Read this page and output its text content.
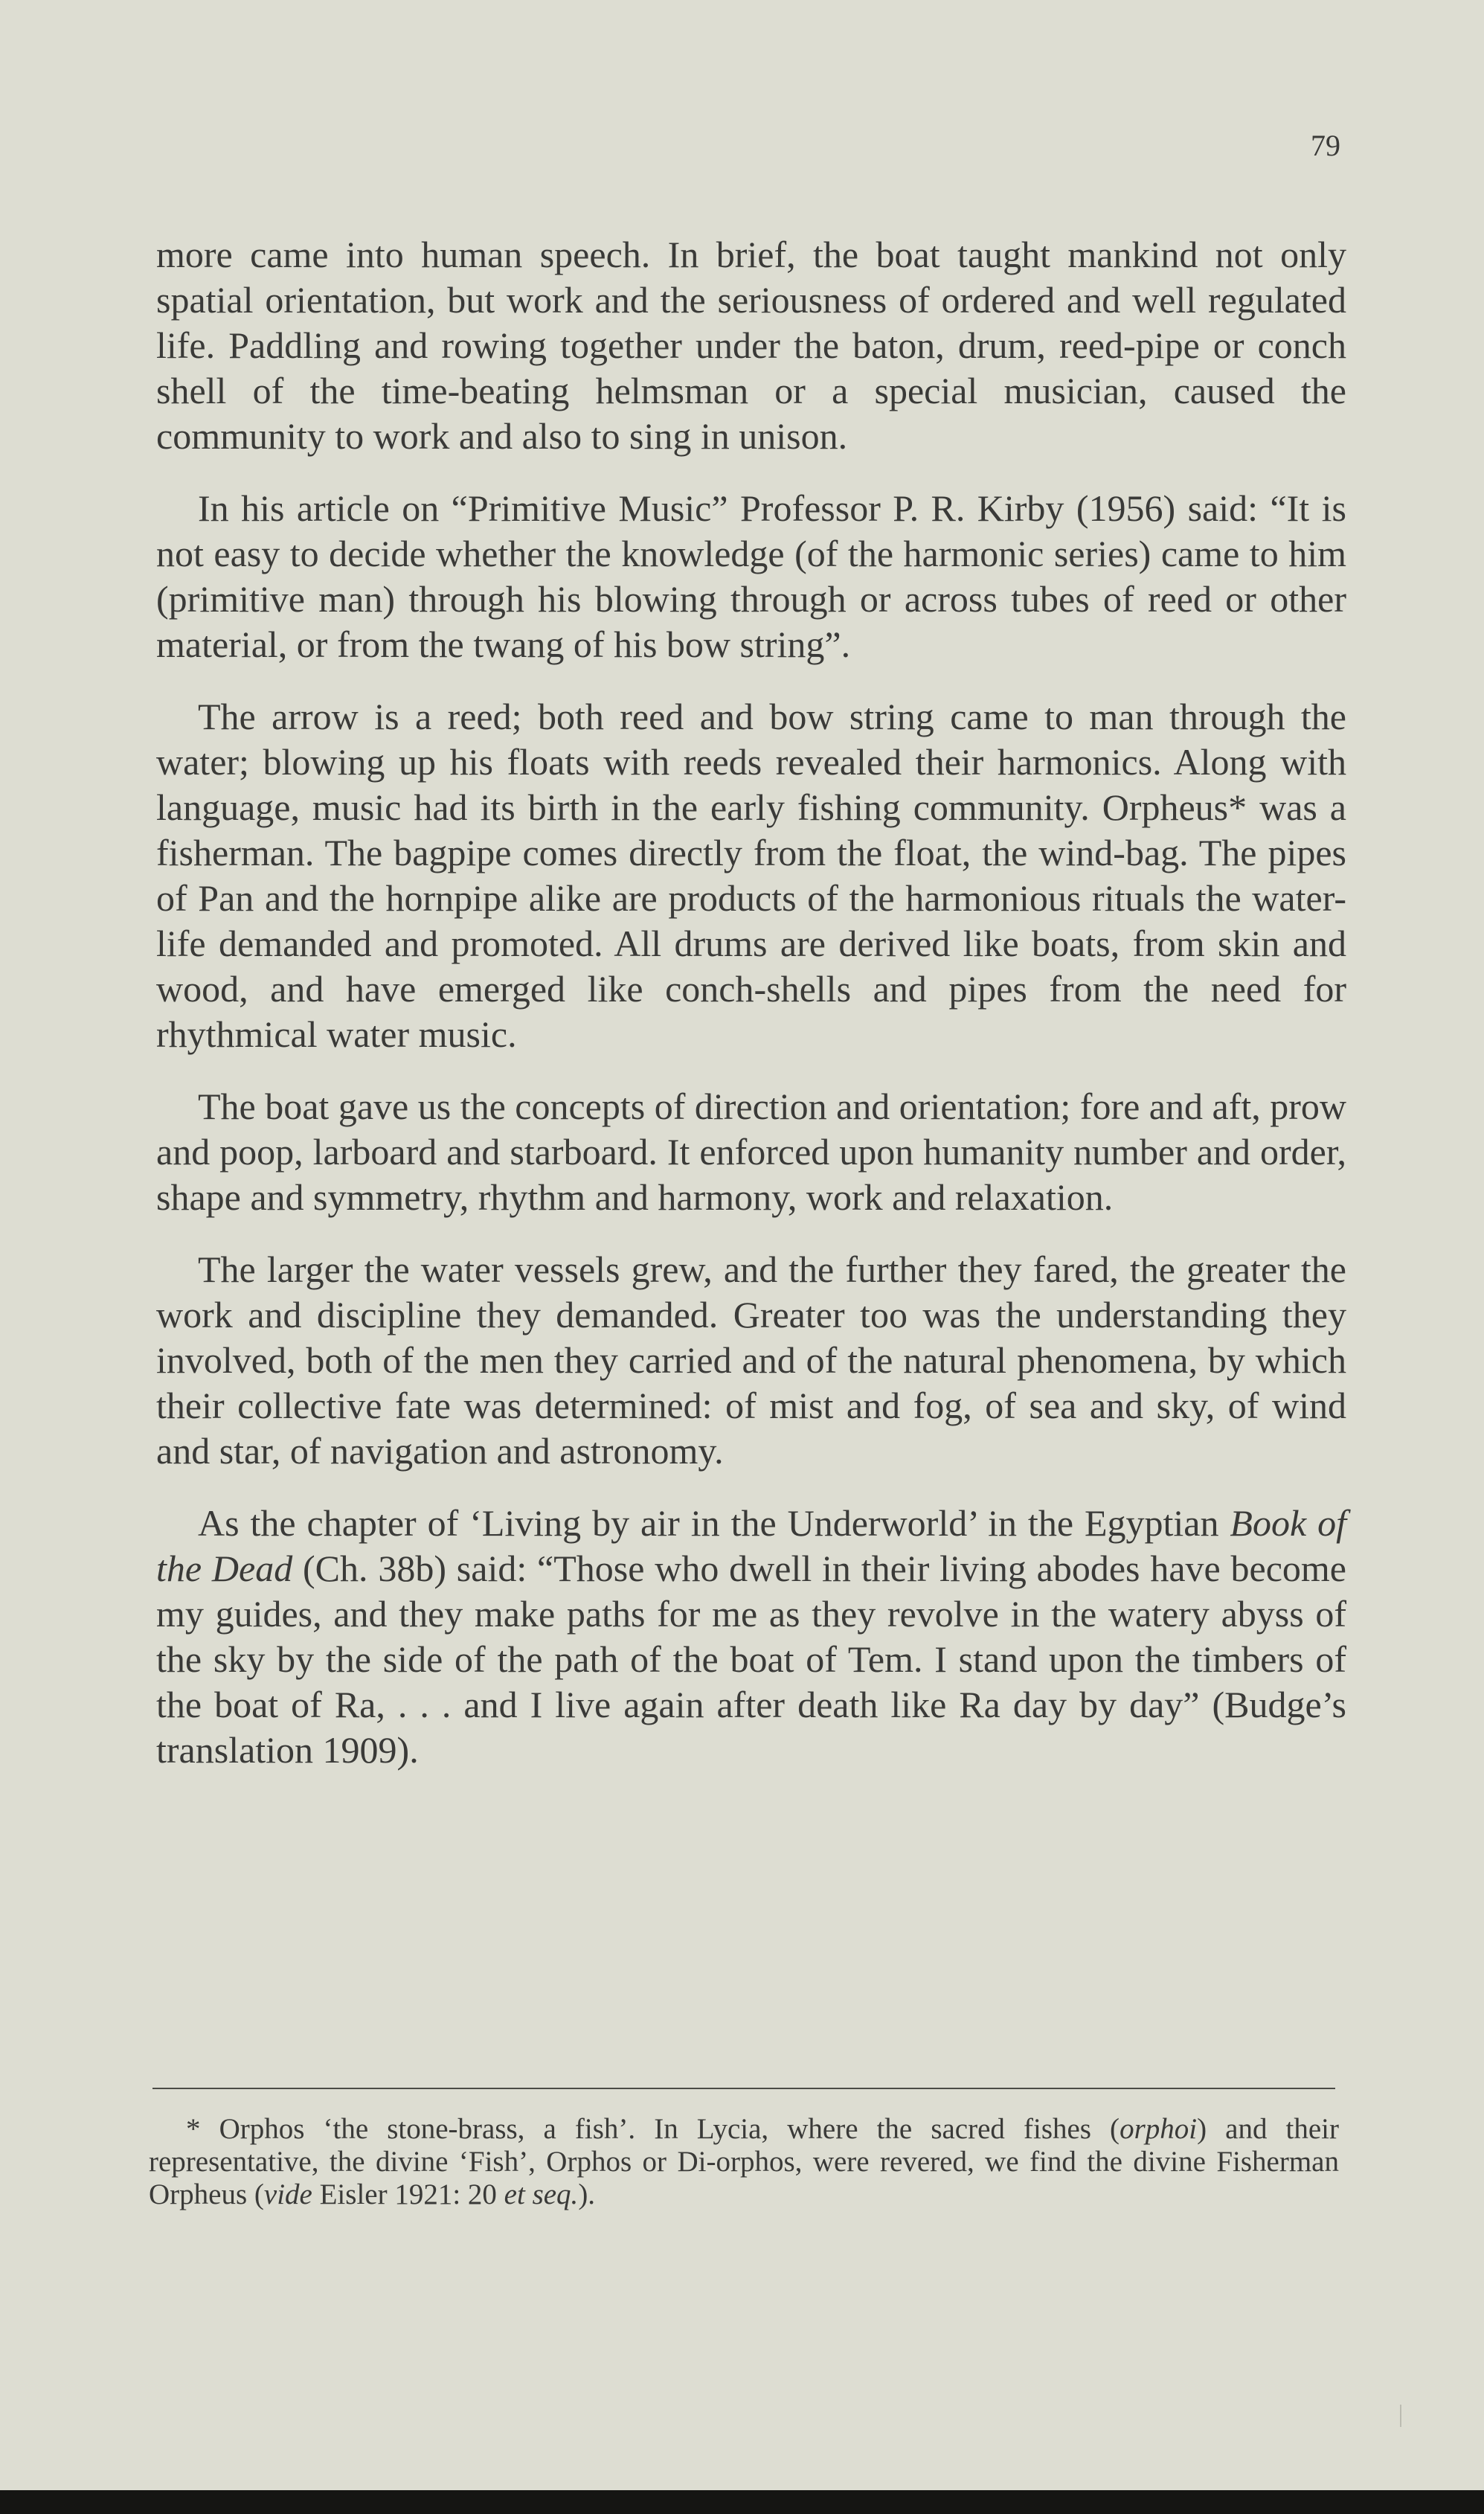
79

more came into human speech. In brief, the boat taught mankind not only spatial orientation, but work and the seriousness of ordered and well regulated life. Paddling and rowing together under the baton, drum, reed-pipe or conch shell of the time-beating helmsman or a special musician, caused the community to work and also to sing in unison.

In his article on “Primitive Music” Professor P. R. Kirby (1956) said: “It is not easy to decide whether the knowledge (of the harmonic series) came to him (primitive man) through his blowing through or across tubes of reed or other material, or from the twang of his bow string”.

The arrow is a reed; both reed and bow string came to man through the water; blowing up his floats with reeds revealed their harmonics. Along with language, music had its birth in the early fishing community. Orpheus* was a fisherman. The bagpipe comes directly from the float, the wind-bag. The pipes of Pan and the hornpipe alike are products of the harmonious rituals the water-life demanded and promoted. All drums are derived like boats, from skin and wood, and have emerged like conch-shells and pipes from the need for rhythmical water music.

The boat gave us the concepts of direction and orientation; fore and aft, prow and poop, larboard and starboard. It enforced upon humanity number and order, shape and symmetry, rhythm and harmony, work and relaxation.

The larger the water vessels grew, and the further they fared, the greater the work and discipline they demanded. Greater too was the understanding they involved, both of the men they carried and of the natural phenomena, by which their collective fate was determined: of mist and fog, of sea and sky, of wind and star, of navigation and astronomy.

As the chapter of ‘Living by air in the Underworld’ in the Egyptian Book of the Dead (Ch. 38b) said: “Those who dwell in their living abodes have become my guides, and they make paths for me as they revolve in the watery abyss of the sky by the side of the path of the boat of Tem. I stand upon the timbers of the boat of Ra, . . . and I live again after death like Ra day by day” (Budge’s translation 1909).

* Orphos ‘the stone-brass, a fish’. In Lycia, where the sacred fishes (orphoi) and their representative, the divine ‘Fish’, Orphos or Di-orphos, were revered, we find the divine Fisherman Orpheus (vide Eisler 1921: 20 et seq.).
